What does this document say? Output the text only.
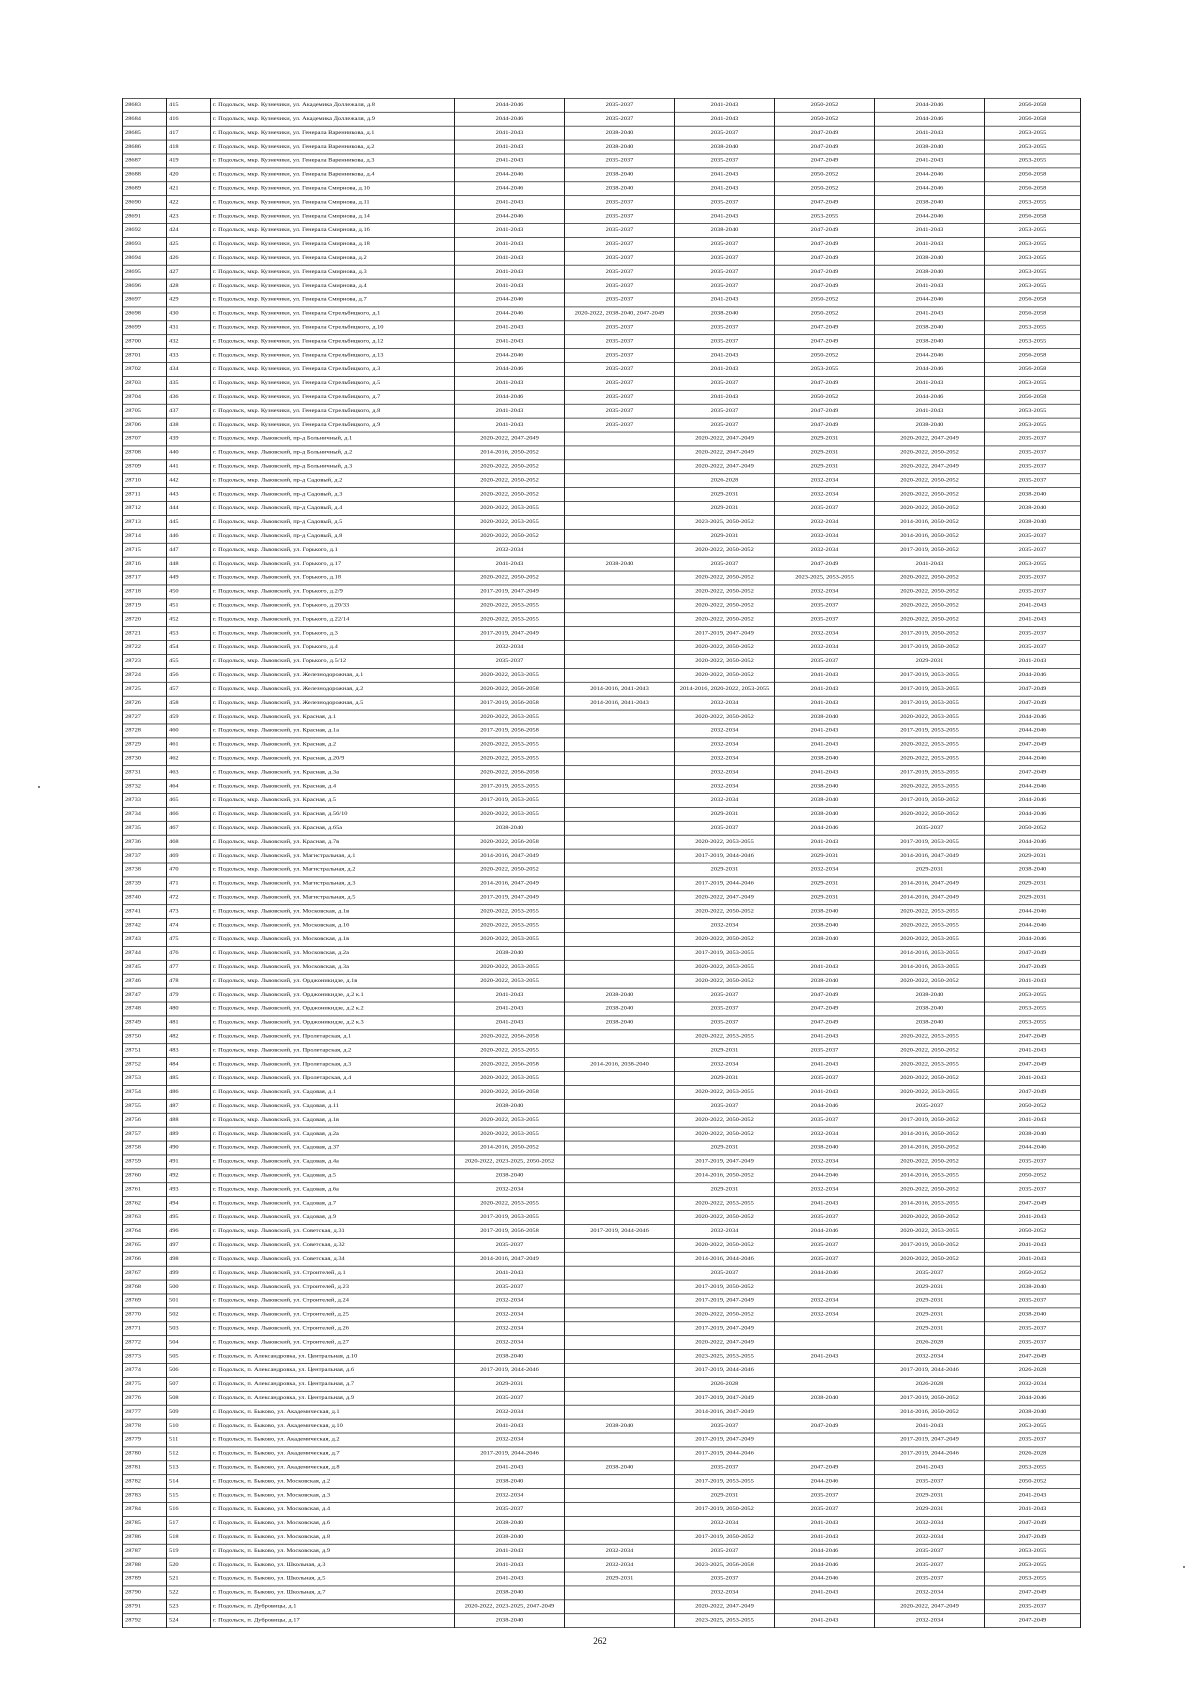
28683	415	г. Подольск, мкр. Кузнечики, ул. Академика Доллежаля, д.8	2044-2046	2035-2037	2041-2043	2050-2052	2044-2046	2056-2058
28684	416	г. Подольск, мкр. Кузнечики, ул. Академика Доллежаля, д.9	2044-2046	2035-2037	2041-2043	2050-2052	2044-2046	2056-2058
28685	417	г. Подольск, мкр. Кузнечики, ул. Генерала Варенникова, д.1	2041-2043	2038-2040	2035-2037	2047-2049	2041-2043	2053-2055
28686	418	г. Подольск, мкр. Кузнечики, ул. Генерала Варенникова, д.2	2041-2043	2038-2040	2038-2040	2047-2049	2038-2040	2053-2055
28687	419	г. Подольск, мкр. Кузнечики, ул. Генерала Варенникова, д.3	2041-2043	2035-2037	2035-2037	2047-2049	2041-2043	2053-2055
28688	420	г. Подольск, мкр. Кузнечики, ул. Генерала Варенникова, д.4	2044-2046	2038-2040	2041-2043	2050-2052	2044-2046	2056-2058
28689	421	г. Подольск, мкр. Кузнечики, ул. Генерала Смирнова, д.10	2044-2046	2038-2040	2041-2043	2050-2052	2044-2046	2056-2058
28690	422	г. Подольск, мкр. Кузнечики, ул. Генерала Смирнова, д.11	2041-2043	2035-2037	2035-2037	2047-2049	2038-2040	2053-2055
28691	423	г. Подольск, мкр. Кузнечики, ул. Генерала Смирнова, д.14	2044-2046	2035-2037	2041-2043	2053-2055	2044-2046	2056-2058
28692	424	г. Подольск, мкр. Кузнечики, ул. Генерала Смирнова, д.16	2041-2043	2035-2037	2038-2040	2047-2049	2041-2043	2053-2055
28693	425	г. Подольск, мкр. Кузнечики, ул. Генерала Смирнова, д.18	2041-2043	2035-2037	2035-2037	2047-2049	2041-2043	2053-2055
28694	426	г. Подольск, мкр. Кузнечики, ул. Генерала Смирнова, д.2	2041-2043	2035-2037	2035-2037	2047-2049	2038-2040	2053-2055
28695	427	г. Подольск, мкр. Кузнечики, ул. Генерала Смирнова, д.3	2041-2043	2035-2037	2035-2037	2047-2049	2038-2040	2053-2055
28696	428	г. Подольск, мкр. Кузнечики, ул. Генерала Смирнова, д.4	2041-2043	2035-2037	2035-2037	2047-2049	2041-2043	2053-2055
28697	429	г. Подольск, мкр. Кузнечики, ул. Генерала Смирнова, д.7	2044-2046	2035-2037	2041-2043	2050-2052	2044-2046	2056-2058
28698	430	г. Подольск, мкр. Кузнечики, ул. Генерала Стрельбицкого, д.1	2044-2046	2020-2022, 2038-2040, 2047-2049	2038-2040	2050-2052	2041-2043	2056-2058
28699	431	г. Подольск, мкр. Кузнечики, ул. Генерала Стрельбицкого, д.10	2041-2043	2035-2037	2035-2037	2047-2049	2038-2040	2053-2055
28700	432	г. Подольск, мкр. Кузнечики, ул. Генерала Стрельбицкого, д.12	2041-2043	2035-2037	2035-2037	2047-2049	2038-2040	2053-2055
28701	433	г. Подольск, мкр. Кузнечики, ул. Генерала Стрельбицкого, д.13	2044-2046	2035-2037	2041-2043	2050-2052	2044-2046	2056-2058
28702	434	г. Подольск, мкр. Кузнечики, ул. Генерала Стрельбицкого, д.3	2044-2046	2035-2037	2041-2043	2053-2055	2044-2046	2056-2058
28703	435	г. Подольск, мкр. Кузнечики, ул. Генерала Стрельбицкого, д.5	2041-2043	2035-2037	2035-2037	2047-2049	2041-2043	2053-2055
28704	436	г. Подольск, мкр. Кузнечики, ул. Генерала Стрельбицкого, д.7	2044-2046	2035-2037	2041-2043	2050-2052	2044-2046	2056-2058
28705	437	г. Подольск, мкр. Кузнечики, ул. Генерала Стрельбицкого, д.8	2041-2043	2035-2037	2035-2037	2047-2049	2041-2043	2053-2055
28706	438	г. Подольск, мкр. Кузнечики, ул. Генерала Стрельбицкого, д.9	2041-2043	2035-2037	2035-2037	2047-2049	2038-2040	2053-2055
28707	439	г. Подольск, мкр. Львовский, пр-д Больничный, д.1	2020-2022, 2047-2049		2020-2022, 2047-2049	2029-2031	2020-2022, 2047-2049	2035-2037
28708	440	г. Подольск, мкр. Львовский, пр-д Больничный, д.2	2014-2016, 2050-2052		2020-2022, 2047-2049	2029-2031	2020-2022, 2050-2052	2035-2037
28709	441	г. Подольск, мкр. Львовский, пр-д Больничный, д.3	2020-2022, 2050-2052		2020-2022, 2047-2049	2029-2031	2020-2022, 2047-2049	2035-2037
28710	442	г. Подольск, мкр. Львовский, пр-д Садовый, д.2	2020-2022, 2050-2052		2026-2028	2032-2034	2020-2022, 2050-2052	2035-2037
28711	443	г. Подольск, мкр. Львовский, пр-д Садовый, д.3	2020-2022, 2050-2052		2029-2031	2032-2034	2020-2022, 2050-2052	2038-2040
28712	444	г. Подольск, мкр. Львовский, пр-д Садовый, д.4	2020-2022, 2053-2055		2029-2031	2035-2037	2020-2022, 2050-2052	2038-2040
28713	445	г. Подольск, мкр. Львовский, пр-д Садовый, д.5	2020-2022, 2053-2055		2023-2025, 2050-2052	2032-2034	2014-2016, 2050-2052	2038-2040
28714	446	г. Подольск, мкр. Львовский, пр-д Садовый, д.8	2020-2022, 2050-2052		2029-2031	2032-2034	2014-2016, 2050-2052	2035-2037
28715	447	г. Подольск, мкр. Львовский, ул. Горького, д.1	2032-2034		2020-2022, 2050-2052	2032-2034	2017-2019, 2050-2052	2035-2037
28716	448	г. Подольск, мкр. Львовский, ул. Горького, д.17	2041-2043	2038-2040	2035-2037	2047-2049	2041-2043	2053-2055
28717	449	г. Подольск, мкр. Львовский, ул. Горького, д.18	2020-2022, 2050-2052		2020-2022, 2050-2052	2023-2025, 2053-2055	2020-2022, 2050-2052	2035-2037
28718	450	г. Подольск, мкр. Львовский, ул. Горького, д.2/9	2017-2019, 2047-2049		2020-2022, 2050-2052	2032-2034	2020-2022, 2050-2052	2035-2037
28719	451	г. Подольск, мкр. Львовский, ул. Горького, д.20/33	2020-2022, 2053-2055		2020-2022, 2050-2052	2035-2037	2020-2022, 2050-2052	2041-2043
28720	452	г. Подольск, мкр. Львовский, ул. Горького, д.22/14	2020-2022, 2053-2055		2020-2022, 2050-2052	2035-2037	2020-2022, 2050-2052	2041-2043
28721	453	г. Подольск, мкр. Львовский, ул. Горького, д.3	2017-2019, 2047-2049		2017-2019, 2047-2049	2032-2034	2017-2019, 2050-2052	2035-2037
28722	454	г. Подольск, мкр. Львовский, ул. Горького, д.4	2032-2034		2020-2022, 2050-2052	2032-2034	2017-2019, 2050-2052	2035-2037
28723	455	г. Подольск, мкр. Львовский, ул. Горького, д.5/12	2035-2037		2020-2022, 2050-2052	2035-2037	2029-2031	2041-2043
28724	456	г. Подольск, мкр. Львовский, ул. Железнодорожная, д.1	2020-2022, 2053-2055		2020-2022, 2050-2052	2041-2043	2017-2019, 2053-2055	2044-2046
28725	457	г. Подольск, мкр. Львовский, ул. Железнодорожная, д.2	2020-2022, 2056-2058	2014-2016, 2041-2043	2014-2016, 2020-2022, 2053-2055	2041-2043	2017-2019, 2053-2055	2047-2049
28726	458	г. Подольск, мкр. Львовский, ул. Железнодорожная, д.5	2017-2019, 2056-2058	2014-2016, 2041-2043	2032-2034	2041-2043	2017-2019, 2053-2055	2047-2049
28727	459	г. Подольск, мкр. Львовский, ул. Красная, д.1	2020-2022, 2053-2055		2020-2022, 2050-2052	2038-2040	2020-2022, 2053-2055	2044-2046
28728	460	г. Подольск, мкр. Львовский, ул. Красная, д.1а	2017-2019, 2056-2058		2032-2034	2041-2043	2017-2019, 2053-2055	2044-2046
28729	461	г. Подольск, мкр. Львовский, ул. Красная, д.2	2020-2022, 2053-2055		2032-2034	2041-2043	2020-2022, 2053-2055	2047-2049
28730	462	г. Подольск, мкр. Львовский, ул. Красная, д.20/9	2020-2022, 2053-2055		2032-2034	2038-2040	2020-2022, 2053-2055	2044-2046
28731	463	г. Подольск, мкр. Львовский, ул. Красная, д.3а	2020-2022, 2056-2058		2032-2034	2041-2043	2017-2019, 2053-2055	2047-2049
28732	464	г. Подольск, мкр. Львовский, ул. Красная, д.4	2017-2019, 2053-2055		2032-2034	2038-2040	2020-2022, 2053-2055	2044-2046
28733	465	г. Подольск, мкр. Львовский, ул. Красная, д.5	2017-2019, 2053-2055		2032-2034	2038-2040	2017-2019, 2050-2052	2044-2046
28734	466	г. Подольск, мкр. Львовский, ул. Красная, д.56/10	2020-2022, 2053-2055		2029-2031	2038-2040	2020-2022, 2050-2052	2044-2046
28735	467	г. Подольск, мкр. Львовский, ул. Красная, д.65а	2038-2040		2035-2037	2044-2046	2035-2037	2050-2052
28736	468	г. Подольск, мкр. Львовский, ул. Красная, д.7в	2020-2022, 2056-2058		2020-2022, 2053-2055	2041-2043	2017-2019, 2053-2055	2044-2046
28737	469	г. Подольск, мкр. Львовский, ул. Магистральная, д.1	2014-2016, 2047-2049		2017-2019, 2044-2046	2029-2031	2014-2016, 2047-2049	2029-2031
28738	470	г. Подольск, мкр. Львовский, ул. Магистральная, д.2	2020-2022, 2050-2052		2029-2031	2032-2034	2029-2031	2038-2040
28739	471	г. Подольск, мкр. Львовский, ул. Магистральная, д.3	2014-2016, 2047-2049		2017-2019, 2044-2046	2029-2031	2014-2016, 2047-2049	2029-2031
28740	472	г. Подольск, мкр. Львовский, ул. Магистральная, д.5	2017-2019, 2047-2049		2020-2022, 2047-2049	2029-2031	2014-2016, 2047-2049	2029-2031
28741	473	г. Подольск, мкр. Львовский, ул. Московская, д.1в	2020-2022, 2053-2055		2020-2022, 2050-2052	2038-2040	2020-2022, 2053-2055	2044-2046
28742	474	г. Подольск, мкр. Львовский, ул. Московская, д.16	2020-2022, 2053-2055		2032-2034	2038-2040	2020-2022, 2053-2055	2044-2046
28743	475	г. Подольск, мкр. Львовский, ул. Московская, д.1в	2020-2022, 2053-2055		2020-2022, 2050-2052	2038-2040	2020-2022, 2053-2055	2044-2046
28744	476	г. Подольск, мкр. Львовский, ул. Московская, д.2а	2038-2040		2017-2019, 2053-2055		2014-2016, 2053-2055	2047-2049
28745	477	г. Подольск, мкр. Львовский, ул. Московская, д.3а	2020-2022, 2053-2055		2020-2022, 2053-2055	2041-2043	2014-2016, 2053-2055	2047-2049
28746	478	г. Подольск, мкр. Львовский, ул. Орджоникидзе, д.1в	2020-2022, 2053-2055		2020-2022, 2050-2052	2038-2040	2020-2022, 2050-2052	2041-2043
28747	479	г. Подольск, мкр. Львовский, ул. Орджоникидзе, д.2 к.1	2041-2043	2038-2040	2035-2037	2047-2049	2038-2040	2053-2055
28748	480	г. Подольск, мкр. Львовский, ул. Орджоникидзе, д.2 к.2	2041-2043	2038-2040	2035-2037	2047-2049	2038-2040	2053-2055
28749	481	г. Подольск, мкр. Львовский, ул. Орджоникидзе, д.2 к.3	2041-2043	2038-2040	2035-2037	2047-2049	2038-2040	2053-2055
28750	482	г. Подольск, мкр. Львовский, ул. Пролетарская, д.1	2020-2022, 2056-2058		2020-2022, 2053-2055	2041-2043	2020-2022, 2053-2055	2047-2049
28751	483	г. Подольск, мкр. Львовский, ул. Пролетарская, д.2	2020-2022, 2053-2055		2029-2031	2035-2037	2020-2022, 2050-2052	2041-2043
28752	484	г. Подольск, мкр. Львовский, ул. Пролетарская, д.3	2020-2022, 2056-2058	2014-2016, 2038-2040	2032-2034	2041-2043	2020-2022, 2053-2055	2047-2049
28753	485	г. Подольск, мкр. Львовский, ул. Пролетарская, д.4	2020-2022, 2053-2055		2029-2031	2035-2037	2020-2022, 2050-2052	2041-2043
28754	486	г. Подольск, мкр. Львовский, ул. Садовая, д.1	2020-2022, 2056-2058		2020-2022, 2053-2055	2041-2043	2020-2022, 2053-2055	2047-2049
28755	487	г. Подольск, мкр. Львовский, ул. Садовая, д.11	2038-2040		2035-2037	2044-2046	2035-2037	2050-2052
28756	488	г. Подольск, мкр. Львовский, ул. Садовая, д.1в	2020-2022, 2053-2055		2020-2022, 2050-2052	2035-2037	2017-2019, 2050-2052	2041-2043
28757	489	г. Подольск, мкр. Львовский, ул. Садовая, д.2а	2020-2022, 2053-2055		2020-2022, 2050-2052	2032-2034	2014-2016, 2050-2052	2038-2040
28758	490	г. Подольск, мкр. Львовский, ул. Садовая, д.37	2014-2016, 2050-2052		2029-2031	2038-2040	2014-2016, 2050-2052	2044-2046
28759	491	г. Подольск, мкр. Львовский, ул. Садовая, д.4а	2020-2022, 2023-2025, 2050-2052		2017-2019, 2047-2049	2032-2034	2020-2022, 2050-2052	2035-2037
28760	492	г. Подольск, мкр. Львовский, ул. Садовая, д.5	2038-2040		2014-2016, 2050-2052	2044-2046	2014-2016, 2053-2055	2050-2052
28761	493	г. Подольск, мкр. Львовский, ул. Садовая, д.6а	2032-2034		2029-2031	2032-2034	2020-2022, 2050-2052	2035-2037
28762	494	г. Подольск, мкр. Львовский, ул. Садовая, д.7	2020-2022, 2053-2055		2020-2022, 2053-2055	2041-2043	2014-2016, 2053-2055	2047-2049
28763	495	г. Подольск, мкр. Львовский, ул. Садовая, д.9	2017-2019, 2053-2055		2020-2022, 2050-2052	2035-2037	2020-2022, 2050-2052	2041-2043
28764	496	г. Подольск, мкр. Львовский, ул. Советская, д.31	2017-2019, 2056-2058	2017-2019, 2044-2046	2032-2034	2044-2046	2020-2022, 2053-2055	2050-2052
28765	497	г. Подольск, мкр. Львовский, ул. Советская, д.32	2035-2037		2020-2022, 2050-2052	2035-2037	2017-2019, 2050-2052	2041-2043
28766	498	г. Подольск, мкр. Львовский, ул. Советская, д.34	2014-2016, 2047-2049		2014-2016, 2044-2046	2035-2037	2020-2022, 2050-2052	2041-2043
28767	499	г. Подольск, мкр. Львовский, ул. Строителей, д.1	2041-2043		2035-2037	2044-2046	2035-2037	2050-2052
28768	500	г. Подольск, мкр. Львовский, ул. Строителей, д.23	2035-2037		2017-2019, 2050-2052		2029-2031	2038-2040
28769	501	г. Подольск, мкр. Львовский, ул. Строителей, д.24	2032-2034		2017-2019, 2047-2049	2032-2034	2029-2031	2035-2037
28770	502	г. Подольск, мкр. Львовский, ул. Строителей, д.25	2032-2034		2020-2022, 2050-2052	2032-2034	2029-2031	2038-2040
28771	503	г. Подольск, мкр. Львовский, ул. Строителей, д.26	2032-2034		2017-2019, 2047-2049		2029-2031	2035-2037
28772	504	г. Подольск, мкр. Львовский, ул. Строителей, д.27	2032-2034		2020-2022, 2047-2049		2026-2028	2035-2037
28773	505	г. Подольск, п. Александровка, ул. Центральная, д.10	2038-2040		2023-2025, 2053-2055	2041-2043	2032-2034	2047-2049
28774	506	г. Подольск, п. Александровка, ул. Центральная, д.6	2017-2019, 2044-2046		2017-2019, 2044-2046		2017-2019, 2044-2046	2026-2028
28775	507	г. Подольск, п. Александровка, ул. Центральная, д.7	2029-2031		2026-2028		2026-2028	2032-2034
28776	508	г. Подольск, п. Александровка, ул. Центральная, д.9	2035-2037		2017-2019, 2047-2049	2038-2040	2017-2019, 2050-2052	2044-2046
28777	509	г. Подольск, п. Быково, ул. Академическая, д.1	2032-2034		2014-2016, 2047-2049		2014-2016, 2050-2052	2038-2040
28778	510	г. Подольск, п. Быково, ул. Академическая, д.10	2041-2043	2038-2040	2035-2037	2047-2049	2041-2043	2053-2055
28779	511	г. Подольск, п. Быково, ул. Академическая, д.2	2032-2034		2017-2019, 2047-2049		2017-2019, 2047-2049	2035-2037
28780	512	г. Подольск, п. Быково, ул. Академическая, д.7	2017-2019, 2044-2046		2017-2019, 2044-2046		2017-2019, 2044-2046	2026-2028
28781	513	г. Подольск, п. Быково, ул. Академическая, д.8	2041-2043	2038-2040	2035-2037	2047-2049	2041-2043	2053-2055
28782	514	г. Подольск, п. Быково, ул. Московская, д.2	2038-2040		2017-2019, 2053-2055	2044-2046	2035-2037	2050-2052
28783	515	г. Подольск, п. Быково, ул. Московская, д.3	2032-2034		2029-2031	2035-2037	2029-2031	2041-2043
28784	516	г. Подольск, п. Быково, ул. Московская, д.4	2035-2037		2017-2019, 2050-2052	2035-2037	2029-2031	2041-2043
28785	517	г. Подольск, п. Быково, ул. Московская, д.6	2038-2040		2032-2034	2041-2043	2032-2034	2047-2049
28786	518	г. Подольск, п. Быково, ул. Московская, д.8	2038-2040		2017-2019, 2050-2052	2041-2043	2032-2034	2047-2049
28787	519	г. Подольск, п. Быково, ул. Московская, д.9	2041-2043	2032-2034	2035-2037	2044-2046	2035-2037	2053-2055
28788	520	г. Подольск, п. Быково, ул. Школьная, д.3	2041-2043	2032-2034	2023-2025, 2056-2058	2044-2046	2035-2037	2053-2055
28789	521	г. Подольск, п. Быково, ул. Школьная, д.5	2041-2043	2029-2031	2035-2037	2044-2046	2035-2037	2053-2055
28790	522	г. Подольск, п. Быково, ул. Школьная, д.7	2038-2040		2032-2034	2041-2043	2032-2034	2047-2049
28791	523	г. Подольск, п. Дубровицы, д.1	2020-2022, 2023-2025, 2047-2049		2020-2022, 2047-2049		2020-2022, 2047-2049	2035-2037
28792	524	г. Подольск, п. Дубровицы, д.17	2038-2040		2023-2025, 2053-2055	2041-2043	2032-2034	2047-2049
262
